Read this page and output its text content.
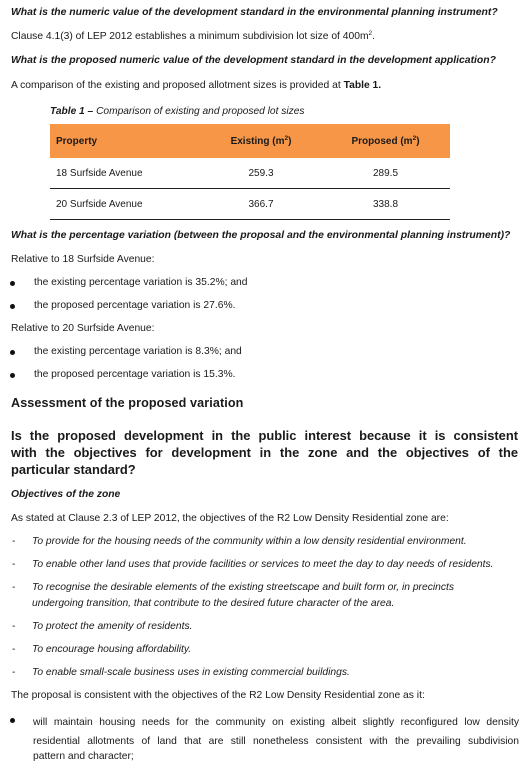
What is the numeric value of the development standard in the environmental planning instrument?
Clause 4.1(3) of LEP 2012 establishes a minimum subdivision lot size of $400m^2$.
What is the proposed numeric value of the development standard in the development application?
A comparison of the existing and proposed allotment sizes is provided at Table 1.
Table 1 – Comparison of existing and proposed lot sizes
Property	Existing $(m^2)$	Proposed $(m^2)$
18 Surfside Avenue	259.3	289.5
20 Surfside Avenue	366.7	338.8
What is the percentage variation (between the proposal and the environmental planning instrument)?
Relative to 18 Surfside Avenue:
the existing percentage variation is 35.2%; and
the proposed percentage variation is 27.6%.
Relative to 20 Surfside Avenue:
the existing percentage variation is 8.3%; and
the proposed percentage variation is 15.3%.
Assessment of the proposed variation
Is the proposed development in the public interest because it is consistent
with the objectives for development in the zone and the objectives of the
particular standard?
Objectives of the zone
As stated at Clause 2.3 of LEP 2012, the objectives of the R2 Low Density Residential zone are:
- To provide for the housing needs of the community within a low density residential environment.
- To enable other land uses that provide facilities or services to meet the day to day needs of residents.
- To recognise the desirable elements of the existing streetscape and built form or, in precincts
undergoing transition, that contribute to the desired future character of the area.
- To protect the amenity of residents.
- To encourage housing affordability.
- To enable small-scale business uses in existing commercial buildings.
The proposal is consistent with the objectives of the R2 Low Density Residential zone as it:
will maintain housing needs for the community on existing albeit slightly reconfigured low density
residential allotments of land that are still nonetheless consistent with the prevailing subdivision
pattern and character;
